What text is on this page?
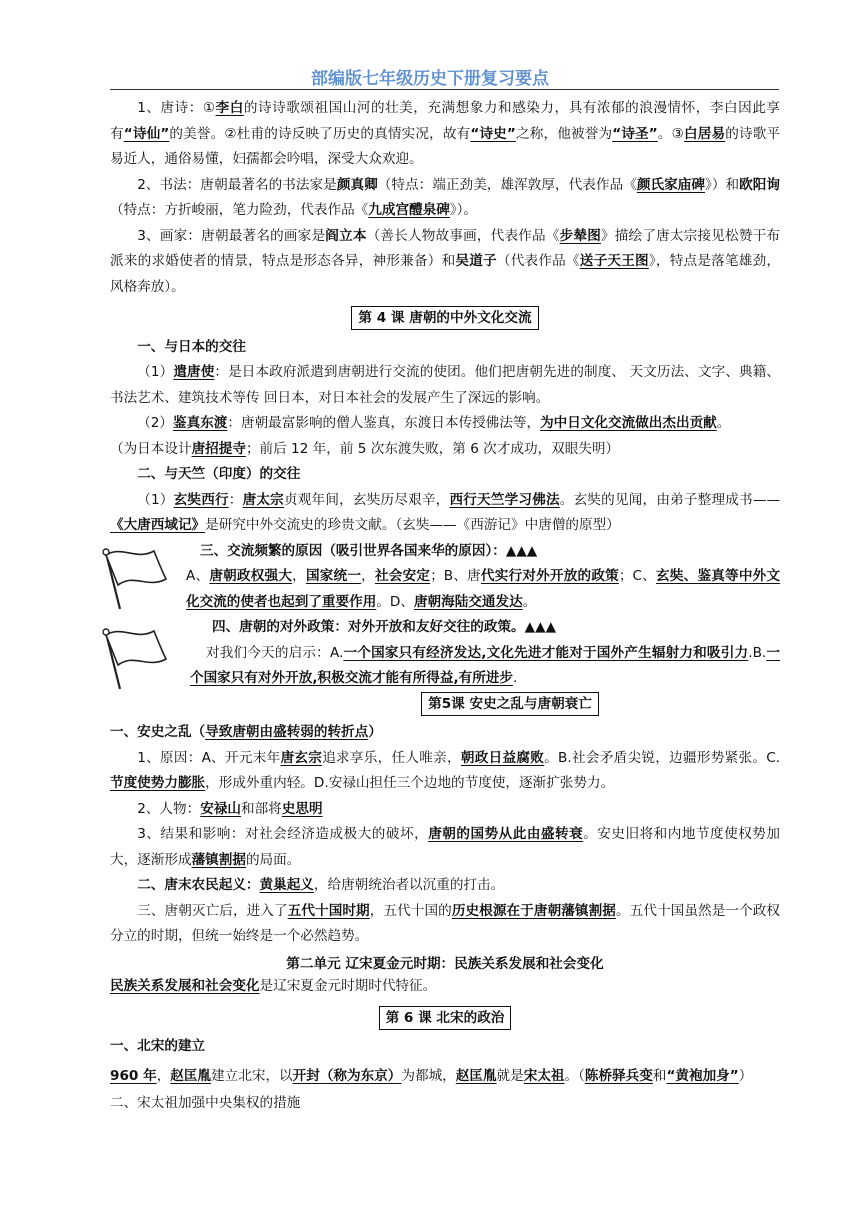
部编版七年级历史下册复习要点

1、唐诗：①李白的诗诗歌颂祖国山河的壮美，充满想象力和感染力，具有浓郁的浪漫情怀，李白因此享有“诗仙”的美誉。②杜甫的诗反映了历史的真情实况，故有“诗史”之称，他被誉为“诗圣”。③白居易的诗歌平易近人，通俗易懂，妇孺都会吟唱，深受大众欢迎。

2、书法：唐朝最著名的书法家是颜真卿（特点：端正劲美，雄浑敦厚，代表作品《颜氏家庙碑》）和欧阳询（特点：方折峻丽，笔力险劲，代表作品《九成宫醴泉碑》）。

3、画家：唐朝最著名的画家是阎立本（善长人物故事画，代表作品《步辇图》描绘了唐太宗接见松赞干布派来的求婚使者的情景，特点是形态各异，神形兼备）和吴道子（代表作品《送子天王图》，特点是落笔雄劲，风格奔放）。

第 4 课 唐朝的中外文化交流

一、与日本的交往

（1）遣唐使：是日本政府派遣到唐朝进行交流的使团。他们把唐朝先进的制度、 天文历法、文字、典籍、书法艺术、建筑技术等传 回日本，对日本社会的发展产生了深远的影响。

（2）鉴真东渡：唐朝最富影响的僧人鉴真，东渡日本传授佛法等，为中日文化交流做出杰出贡献。

（为日本设计唐招提寺；前后 12 年，前 5 次东渡失败，第 6 次才成功，双眼失明）

二、与天竺（印度）的交往

（1）玄奘西行：唐太宗贞观年间，玄奘历尽艰辛，西行天竺学习佛法。玄奘的见闻，由弟子整理成书——《大唐西域记》是研究中外交流史的珍贵文献。（玄奘——《西游记》中唐僧的原型）

三、交流频繁的原因（吸引世界各国来华的原因）：▲▲▲

A、唐朝政权强大，国家统一，社会安定；B、唐代实行对外开放的政策；C、玄奘、鉴真等中外文化交流的使者也起到了重要作用。D、唐朝海陆交通发达。

四、唐朝的对外政策：对外开放和友好交往的政策。▲▲▲

对我们今天的启示：A.一个国家只有经济发达,文化先进才能对于国外产生辐射力和吸引力.B.一个国家只有对外开放,积极交流才能有所得益,有所进步.

第5课 安史之乱与唐朝衰亡

一、安史之乱（导致唐朝由盛转弱的转折点）

1、原因：A、开元末年唐玄宗追求享乐，任人唯亲，朝政日益腐败。B.社会矛盾尖锐，边疆形势紧张。C.节度使势力膨胀，形成外重内轻。D.安禄山担任三个边地的节度使，逐渐扩张势力。

2、人物：安禄山和部将史思明

3、结果和影响：对社会经济造成极大的破坏，唐朝的国势从此由盛转衰。安史旧将和内地节度使权势加大，逐渐形成藩镇割据的局面。

二、唐末农民起义：黄巢起义，给唐朝统治者以沉重的打击。

三、唐朝灭亡后，进入了五代十国时期，五代十国的历史根源在于唐朝藩镇割据。五代十国虽然是一个政权分立的时期，但统一始终是一个必然趋势。

第二单元 辽宋夏金元时期：民族关系发展和社会变化

民族关系发展和社会变化是辽宋夏金元时期时代特征。

第 6 课 北宋的政治

一、北宋的建立

960 年，赵匡胤建立北宋，以开封（称为东京）为都城，赵匡胤就是宋太祖。（陈桥驿兵变和“黄袍加身”）

二、宋太祖加强中央集权的措施
